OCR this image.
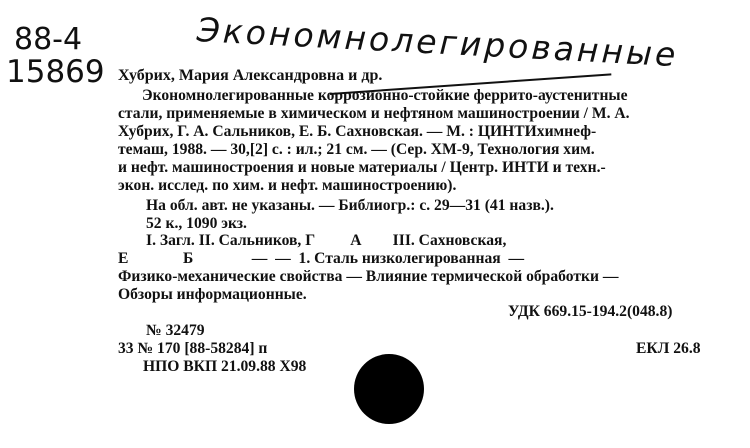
Экономнолегированные
88-4
15869 Хубрих, Мария Александровна и др.
Экономнолегированные коррозионно-стойкие феррито-аустенитные
стали, применяемые в химическом и нефтяном машиностроении / М. А.
Хубрих, Г. А. Сальников, Е. Б. Сахновская. — М. : ЦИНТИхимнеф-
темаш, 1988. — 30,[2] с. : ил.; 21 см. — (Сер. ХМ-9, Технология хим.
и нефт. машиностроения и новые материалы / Центр. ИНТИ и техн.-
экон. исслед. по хим. и нефт. машиностроению).
На обл. авт. не указаны. — Библиогр.: с. 29—31 (41 назв.).
52 к., 1090 экз.
I. Загл. II. Сальников, Г         А        III. Сахновская,
Е              Б               —  —  1. Сталь низколегированная  —
Физико-механические свойства — Влияние термической обработки —
Обзоры информационные.
УДК 669.15-194.2(048.8)
№ 32479
33 № 170 [88-58284] п	ЕКЛ 26.8
НПО ВКП 21.09.88 Х98
